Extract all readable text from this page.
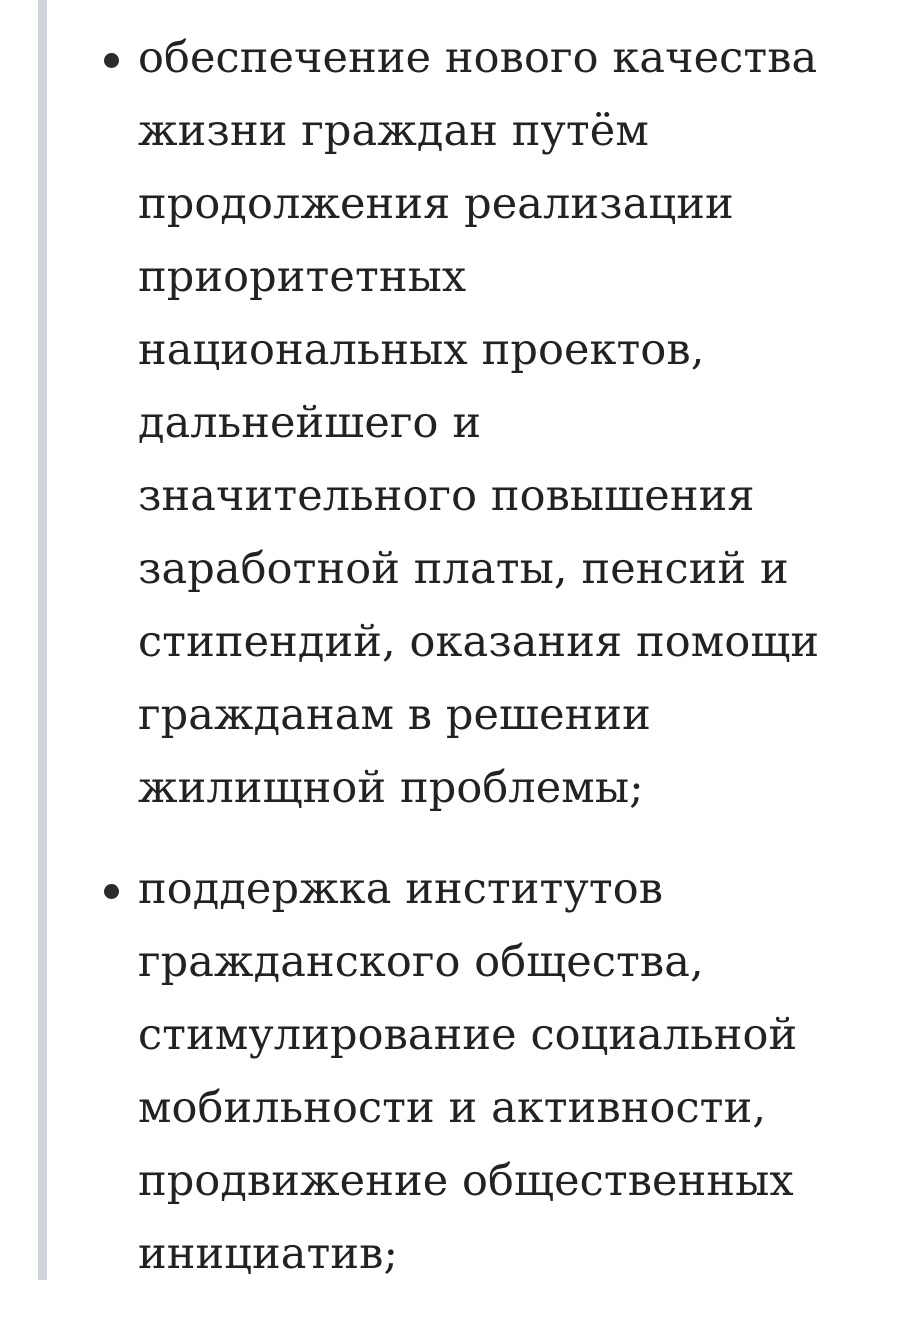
обеспечение нового качества
жизни граждан путём
продолжения реализации
приоритетных
национальных проектов,
дальнейшего и
значительного повышения
заработной платы, пенсий и
стипендий, оказания помощи
гражданам в решении
жилищной проблемы;
поддержка институтов
гражданского общества,
стимулирование социальной
мобильности и активности,
продвижение общественных
инициатив;
